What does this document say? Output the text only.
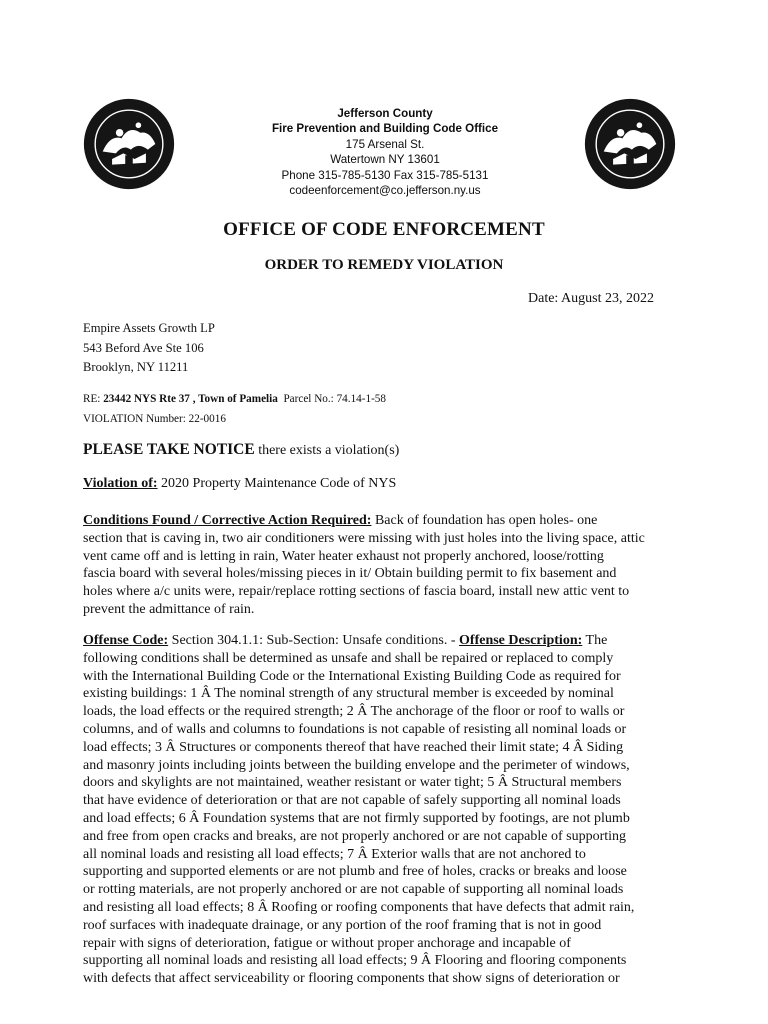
Jefferson County
Fire Prevention and Building Code Office
175 Arsenal St.
Watertown NY 13601
Phone 315-785-5130 Fax 315-785-5131
codeenforcement@co.jefferson.ny.us
OFFICE OF CODE ENFORCEMENT
ORDER TO REMEDY VIOLATION
Date: August 23, 2022
Empire Assets Growth LP
543 Beford Ave Ste 106
Brooklyn, NY 11211
RE: 23442 NYS Rte 37 , Town of Pamelia Parcel No.: 74.14-1-58
VIOLATION Number: 22-0016
PLEASE TAKE NOTICE there exists a violation(s)
Violation of: 2020 Property Maintenance Code of NYS
Conditions Found / Corrective Action Required: Back of foundation has open holes- one
section that is caving in, two air conditioners were missing with just holes into the living space, attic
vent came off and is letting in rain, Water heater exhaust not properly anchored, loose/rotting
fascia board with several holes/missing pieces in it/ Obtain building permit to fix basement and
holes where a/c units were, repair/replace rotting sections of fascia board, install new attic vent to
prevent the admittance of rain.
Offense Code: Section 304.1.1: Sub-Section: Unsafe conditions. - Offense Description: The
following conditions shall be determined as unsafe and shall be repaired or replaced to comply
with the International Building Code or the International Existing Building Code as required for
existing buildings: 1 Â The nominal strength of any structural member is exceeded by nominal
loads, the load effects or the required strength; 2 Â The anchorage of the floor or roof to walls or
columns, and of walls and columns to foundations is not capable of resisting all nominal loads or
load effects; 3 Â Structures or components thereof that have reached their limit state; 4 Â Siding
and masonry joints including joints between the building envelope and the perimeter of windows,
doors and skylights are not maintained, weather resistant or water tight; 5 Â Structural members
that have evidence of deterioration or that are not capable of safely supporting all nominal loads
and load effects; 6 Â Foundation systems that are not firmly supported by footings, are not plumb
and free from open cracks and breaks, are not properly anchored or are not capable of supporting
all nominal loads and resisting all load effects; 7 Â Exterior walls that are not anchored to
supporting and supported elements or are not plumb and free of holes, cracks or breaks and loose
or rotting materials, are not properly anchored or are not capable of supporting all nominal loads
and resisting all load effects; 8 Â Roofing or roofing components that have defects that admit rain,
roof surfaces with inadequate drainage, or any portion of the roof framing that is not in good
repair with signs of deterioration, fatigue or without proper anchorage and incapable of
supporting all nominal loads and resisting all load effects; 9 Â Flooring and flooring components
with defects that affect serviceability or flooring components that show signs of deterioration or
